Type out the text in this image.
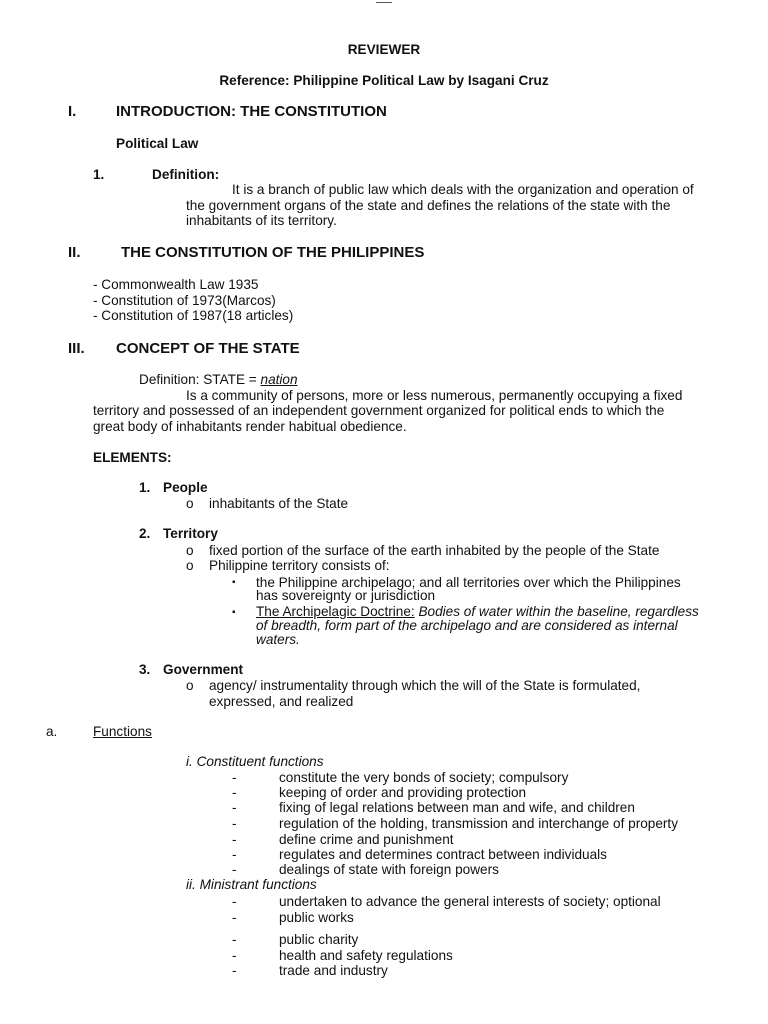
REVIEWER
Reference: Philippine Political Law by Isagani Cruz
I.	INTRODUCTION: THE CONSTITUTION
Political Law
1.	Definition:
It is a branch of public law which deals with the organization and operation of
the government organs of the state and defines the relations of the state with the
inhabitants of its territory.
II.	THE CONSTITUTION OF THE PHILIPPINES
- Commonwealth Law 1935
- Constitution of 1973(Marcos)
- Constitution of 1987(18 articles)
III. CONCEPT OF THE STATE
Definition: STATE = nation
Is a community of persons, more or less numerous, permanently occupying a fixed
territory and possessed of an independent government organized for political ends to which the
great body of inhabitants render habitual obedience.
ELEMENTS:
1. People
o inhabitants of the State
2. Territory
o fixed portion of the surface of the earth inhabited by the people of the State
o Philippine territory consists of:
▪ the Philippine archipelago; and all territories over which the Philippines
has sovereignty or jurisdiction
▪ The Archipelagic Doctrine: Bodies of water within the baseline, regardless
of breadth, form part of the archipelago and are considered as internal
waters.
3. Government
o agency/ instrumentality through which the will of the State is formulated,
expressed, and realized
a.	Functions
i. Constituent functions
-	constitute the very bonds of society; compulsory
-	keeping of order and providing protection
-	fixing of legal relations between man and wife, and children
-	regulation of the holding, transmission and interchange of property
-	define crime and punishment
-	regulates and determines contract between individuals
-	dealings of state with foreign powers
ii. Ministrant functions
-	undertaken to advance the general interests of society; optional
-	public works
-	public charity
-	health and safety regulations
-	trade and industry
